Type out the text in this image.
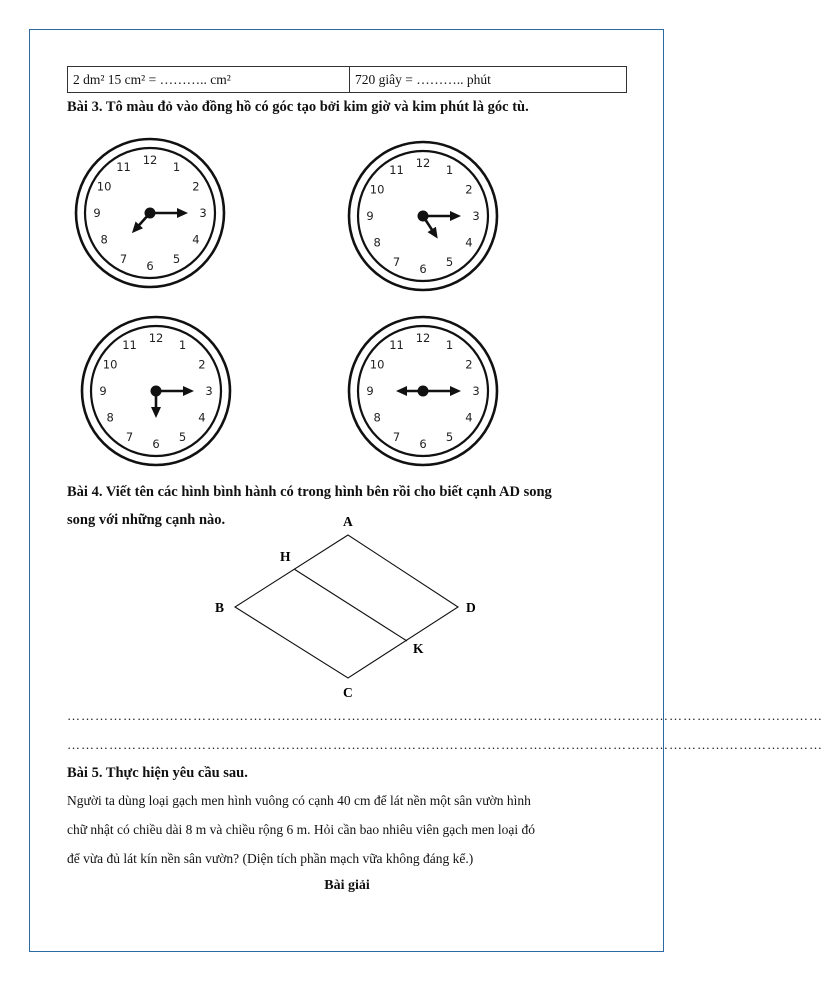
2 dm² 15 cm² = ……….. cm²	720 giây = ……….. phút
Bài 3. Tô màu đỏ vào đồng hồ có góc tạo bởi kim giờ và kim phút là góc tù.
12
1
2
3
4
5
6
7
8
9
10
11	12
1
2
3
4
5
6
7
8
9
10
11
12
1
2
3
4
5
6
7
8
9
10
11
12
1
2
3
4
5
6
7
8
9
10
11
Bài 4. Viết tên các hình bình hành có trong hình bên rồi cho biết cạnh AD song
song với những cạnh nào.	A
B
C
D
H
K
………………………………………………………………………………………………………………………………………………
………………………………………………………………………………………………………………………………………………
Bài 5. Thực hiện yêu cầu sau.
Người ta dùng loại gạch men hình vuông có cạnh 40 cm để lát nền một sân vườn hình
chữ nhật có chiều dài 8 m và chiều rộng 6 m. Hỏi cần bao nhiêu viên gạch men loại đó
để vừa đủ lát kín nền sân vườn? (Diện tích phần mạch vữa không đáng kể.)
Bài giải
